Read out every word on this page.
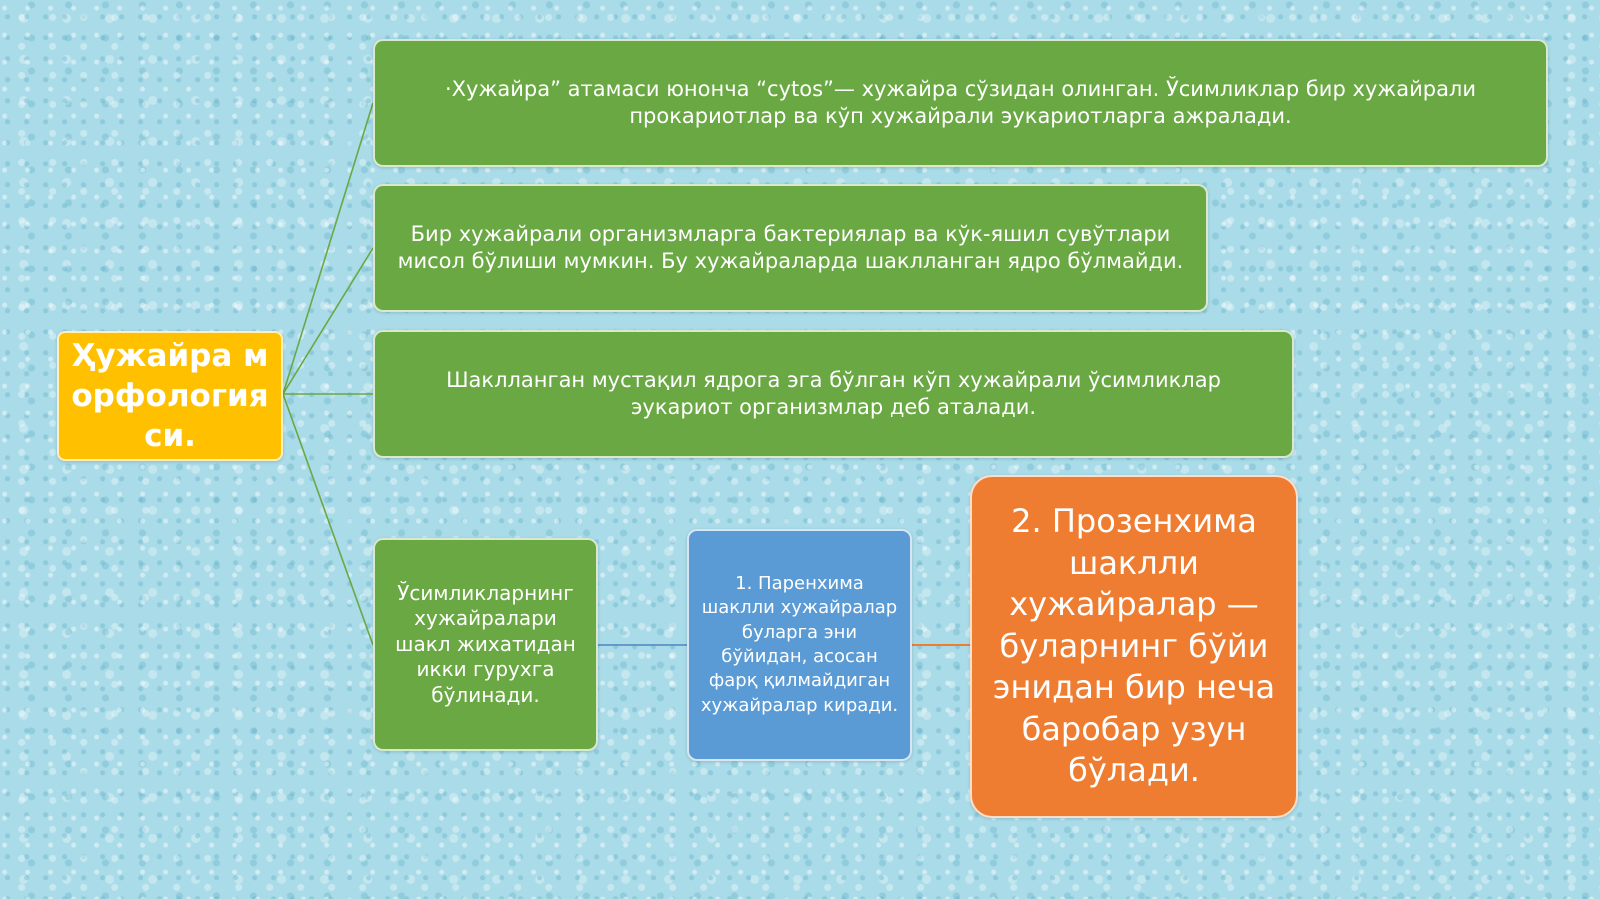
Ҳужайра морфологияси.
·Хужайра” атамаси юнонча “cytos”— хужайра сўзидан олинган. Ўсимликлар бир хужайрали прокариотлар ва кўп хужайрали эукариотларга ажралади.
Бир хужайрали организмларга бактериялар ва кўк-яшил сувўтлари мисол бўлиши мумкин. Бу хужайраларда шаклланган ядро бўлмайди.
Шаклланган мустақил ядрога эга бўлган кўп хужайрали ўсимликлар эукариот организмлар деб аталади.
Ўсимликларнинг хужайралари шакл жихатидан икки гурухга бўлинади.
1. Паренхима шаклли хужайралар буларга эни бўйидан, асосан фарқ қилмайдиган хужайралар киради.
2. Прозенхима шаклли хужайралар — буларнинг бўйи энидан бир неча баробар узун бўлади.
